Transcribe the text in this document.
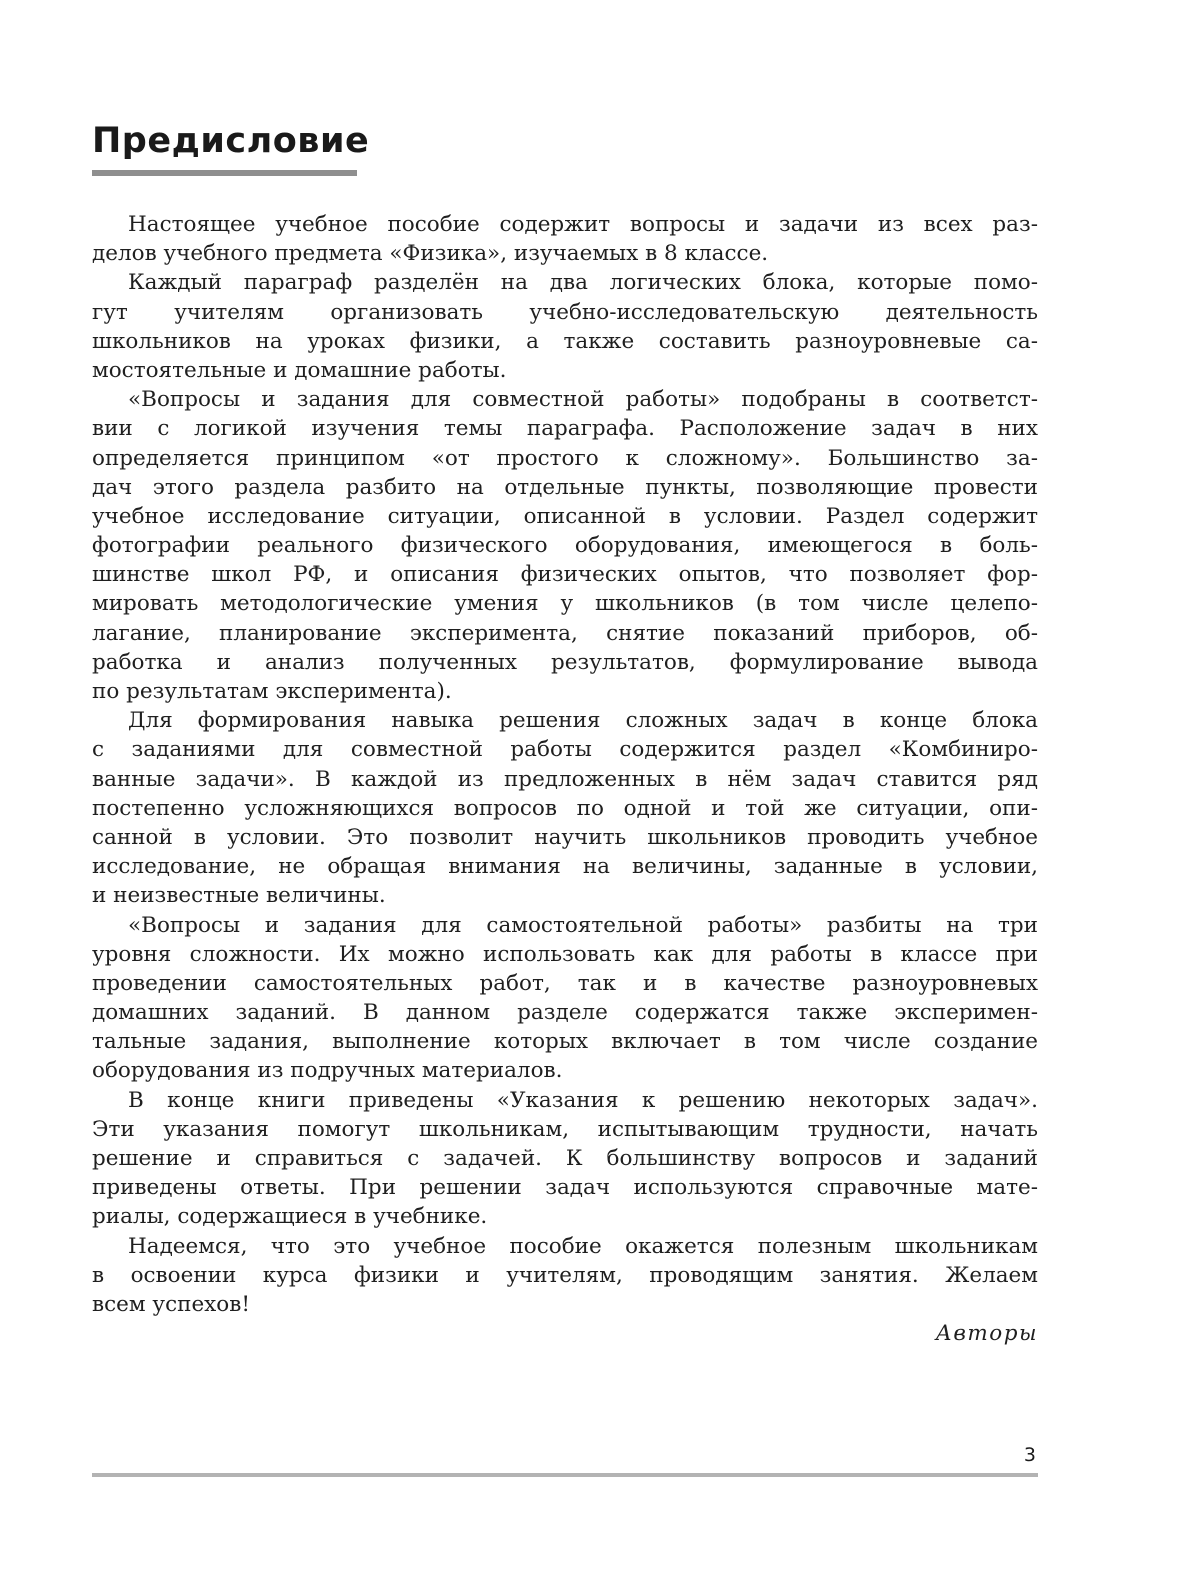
Предисловие
Настоящее учебное пособие содержит вопросы и задачи из всех раз-
делов учебного предмета «Физика», изучаемых в 8 классе.
Каждый параграф разделён на два логических блока, которые помо-
гут учителям организовать учебно-исследовательскую деятельность
школьников на уроках физики, а также составить разноуровневые са-
мостоятельные и домашние работы.
«Вопросы и задания для совместной работы» подобраны в соответст-
вии с логикой изучения темы параграфа. Расположение задач в них
определяется принципом «от простого к сложному». Большинство за-
дач этого раздела разбито на отдельные пункты, позволяющие провести
учебное исследование ситуации, описанной в условии. Раздел содержит
фотографии реального физического оборудования, имеющегося в боль-
шинстве школ РФ, и описания физических опытов, что позволяет фор-
мировать методологические умения у школьников (в том числе целепо-
лагание, планирование эксперимента, снятие показаний приборов, об-
работка и анализ полученных результатов, формулирование вывода
по результатам эксперимента).
Для формирования навыка решения сложных задач в конце блока
с заданиями для совместной работы содержится раздел «Комбиниро-
ванные задачи». В каждой из предложенных в нём задач ставится ряд
постепенно усложняющихся вопросов по одной и той же ситуации, опи-
санной в условии. Это позволит научить школьников проводить учебное
исследование, не обращая внимания на величины, заданные в условии,
и неизвестные величины.
«Вопросы и задания для самостоятельной работы» разбиты на три
уровня сложности. Их можно использовать как для работы в классе при
проведении самостоятельных работ, так и в качестве разноуровневых
домашних заданий. В данном разделе содержатся также эксперимен-
тальные задания, выполнение которых включает в том числе создание
оборудования из подручных материалов.
В конце книги приведены «Указания к решению некоторых задач».
Эти указания помогут школьникам, испытывающим трудности, начать
решение и справиться с задачей. К большинству вопросов и заданий
приведены ответы. При решении задач используются справочные мате-
риалы, содержащиеся в учебнике.
Надеемся, что это учебное пособие окажется полезным школьникам
в освоении курса физики и учителям, проводящим занятия. Желаем
всем успехов!
Авторы
3
